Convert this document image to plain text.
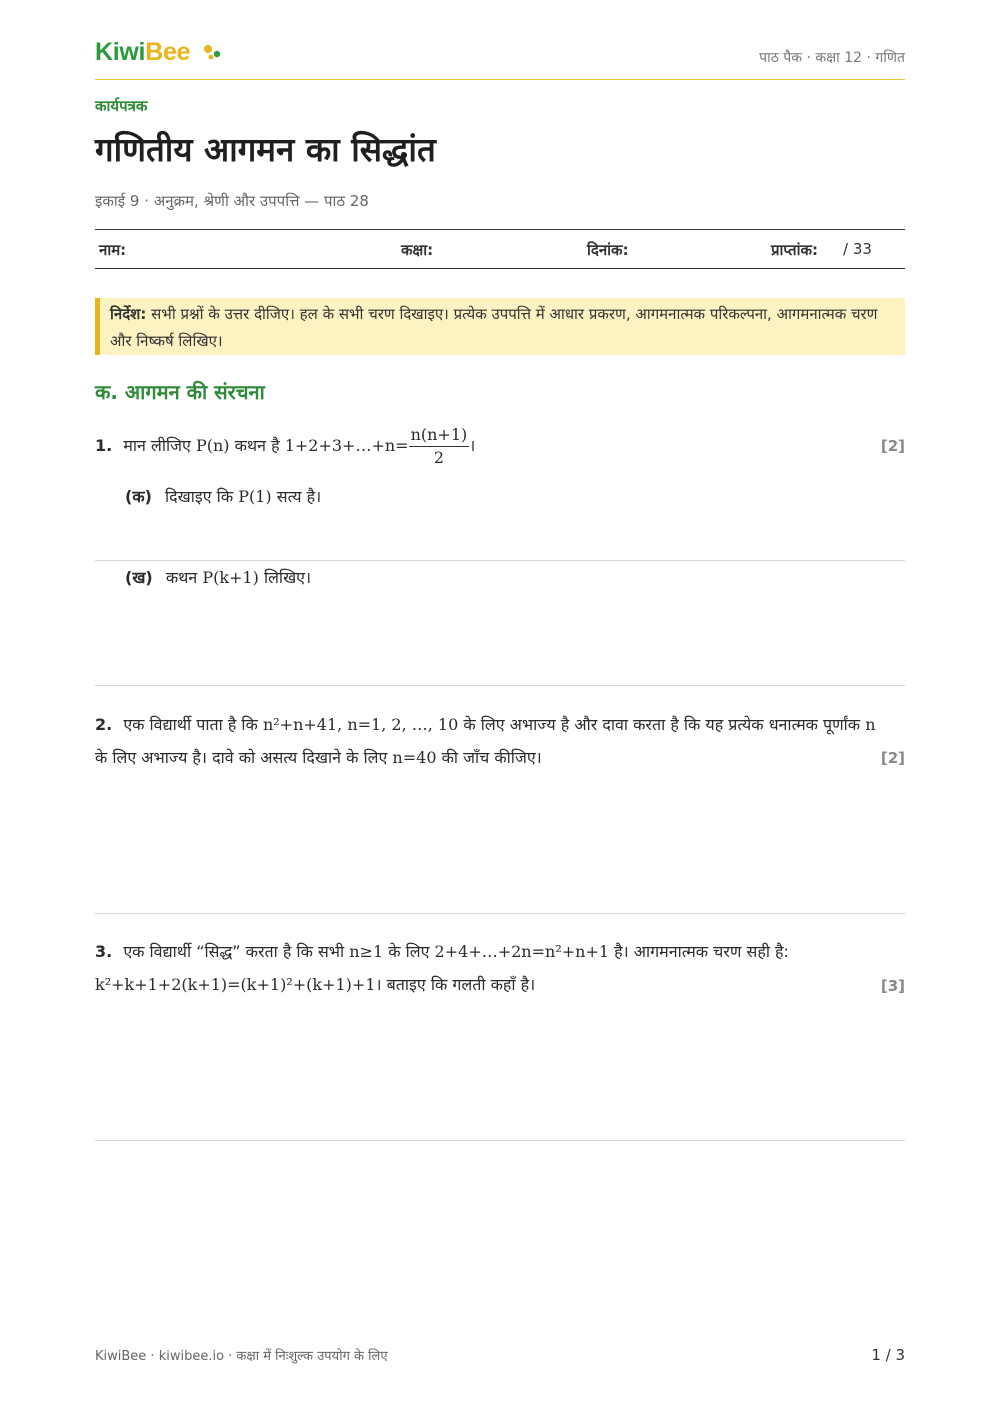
KiwiBee	पाठ पैक · कक्षा 12 · गणित
कार्यपत्रक
गणितीय आगमन का सिद्धांत
इकाई 9 · अनुक्रम, श्रेणी और उपपत्ति — पाठ 28
नाम:	कक्षा:	दिनांक:	प्राप्तांक: / 33
निर्देश: सभी प्रश्नों के उत्तर दीजिए। हल के सभी चरण दिखाइए। प्रत्येक उपपत्ति में आधार प्रकरण, आगमनात्मक परिकल्पना, आगमनात्मक चरण और निष्कर्ष लिखिए।
क. आगमन की संरचना
1. मान लीजिए P(n) कथन है 1+2+3+…+n= $\frac{n(n+1)}{2}$ ।	[2]
(क) दिखाइए कि P(1) सत्य है।
(ख) कथन P(k+1) लिखिए।
2. एक विद्यार्थी पाता है कि n²+n+41, n=1, 2, …, 10 के लिए अभाज्य है और दावा करता है कि यह प्रत्येक धनात्मक पूर्णांक n के लिए अभाज्य है। दावे को असत्य दिखाने के लिए n=40 की जाँच कीजिए।	[2]
3. एक विद्यार्थी “सिद्ध” करता है कि सभी n≥1 के लिए 2+4+…+2n=n²+n+1 है। आगमनात्मक चरण सही है: k²+k+1+2(k+1)=(k+1)²+(k+1)+1। बताइए कि गलती कहाँ है।	[3]
KiwiBee · kiwibee.io · कक्षा में निःशुल्क उपयोग के लिए	1 / 3
